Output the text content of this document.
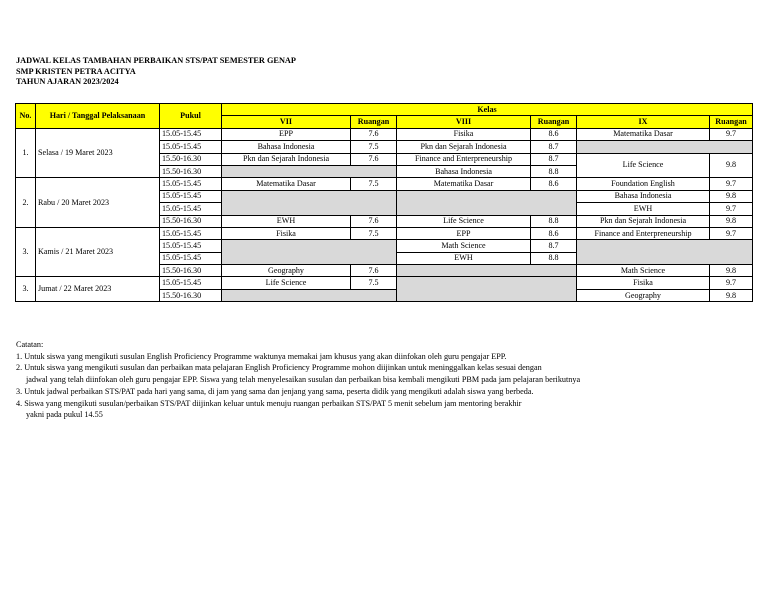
JADWAL KELAS TAMBAHAN PERBAIKAN STS/PAT SEMESTER GENAP
SMP KRISTEN PETRA ACITYA
TAHUN AJARAN 2023/2024
No.	Hari / Tanggal Pelaksanaan	Pukul	Kelas					
			VII	Ruangan	VIII	Ruangan	IX	Ruangan
1.	Selasa / 19 Maret 2023	15.05-15.45	EPP	7.6	Fisika	8.6	Matematika Dasar	9.7
		15.05-15.45	Bahasa Indonesia	7.5	Pkn dan Sejarah Indonesia	8.7		
		15.50-16.30	Pkn dan Sejarah Indonesia	7.6	Finance and Enterpreneurship	8.7	Life Science	9.8
		15.50-16.30			Bahasa Indonesia	8.8		
2.	Rabu / 20 Maret 2023	15.05-15.45	Matematika Dasar	7.5	Matematika Dasar	8.6	Foundation English	9.7
		15.05-15.45					Bahasa Indonesia	9.8
		15.05-15.45					EWH	9.7
		15.50-16.30	EWH	7.6	Life Science	8.8	Pkn dan Sejarah Indonesia	9.8
3.	Kamis / 21 Maret 2023	15.05-15.45	Fisika	7.5	EPP	8.6	Finance and Enterpreneurship	9.7
		15.05-15.45			Math Science	8.7		
		15.05-15.45			EWH	8.8		
		15.50-16.30	Geography	7.6			Math Science	9.8
3.	Jumat / 22 Maret 2023	15.05-15.45	Life Science	7.5			Fisika	9.7
		15.50-16.30					Geography	9.8
Catatan:
1. Untuk siswa yang mengikuti susulan English Proficiency Programme waktunya memakai jam khusus yang akan diinfokan oleh guru pengajar EPP.
2. Untuk siswa yang mengikuti susulan dan perbaikan mata pelajaran English Proficiency Programme mohon diijinkan untuk meninggalkan kelas sesuai dengan
jadwal yang telah diinfokan oleh guru pengajar EPP. Siswa yang telah menyelesaikan susulan dan perbaikan bisa kembali mengikuti PBM pada jam pelajaran berikutnya
3. Untuk jadwal perbaikan STS/PAT pada hari yang sama, di jam yang sama dan jenjang yang sama, peserta didik yang mengikuti adalah siswa yang berbeda.
4. Siswa yang mengikuti susulan/perbaikan STS/PAT diijinkan keluar untuk menuju ruangan perbaikan STS/PAT 5 menit sebelum jam mentoring berakhir
yakni pada pukul 14.55
